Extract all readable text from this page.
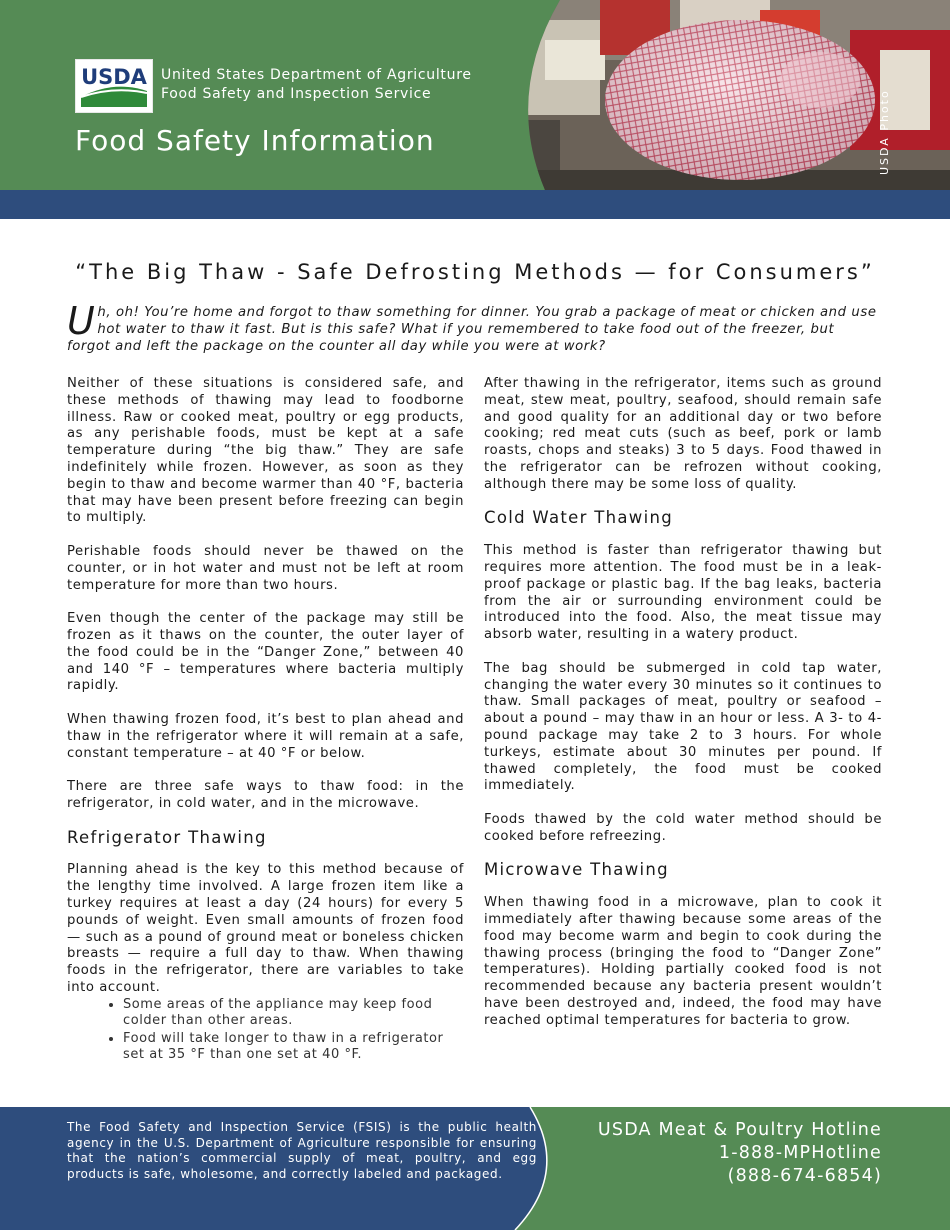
USDA United States Department of Agriculture
Food Safety and Inspection Service
Food Safety Information	USDA Photo
“The Big Thaw - Safe Defrosting Methods — for Consumers”
Uh, oh! You’re home and forgot to thaw something for dinner. You grab a package of meat or chicken and use hot water to thaw it fast. But is this safe? What if you remembered to take food out of the freezer, but forgot and left the package on the counter all day while you were at work?

Neither of these situations is considered safe, and these methods of thawing may lead to foodborne illness. Raw or cooked meat, poultry or egg products, as any perishable foods, must be kept at a safe temperature during “the big thaw.” They are safe indefinitely while frozen. However, as soon as they begin to thaw and become warmer than 40 °F, bacteria that may have been present before freezing can begin to multiply.

Perishable foods should never be thawed on the counter, or in hot water and must not be left at room temperature for more than two hours.

Even though the center of the package may still be frozen as it thaws on the counter, the outer layer of the food could be in the “Danger Zone,” between 40 and 140 °F – temperatures where bacteria multiply rapidly.

When thawing frozen food, it’s best to plan ahead and thaw in the refrigerator where it will remain at a safe, constant temperature – at 40 °F or below.

There are three safe ways to thaw food: in the refrigerator, in cold water, and in the microwave.

Refrigerator Thawing

Planning ahead is the key to this method because of the lengthy time involved. A large frozen item like a turkey requires at least a day (24 hours) for every 5 pounds of weight. Even small amounts of frozen food — such as a pound of ground meat or boneless chicken breasts — require a full day to thaw. When thawing foods in the refrigerator, there are variables to take into account.

• Some areas of the appliance may keep food colder than other areas.
• Food will take longer to thaw in a refrigerator set at 35 °F than one set at 40 °F.

After thawing in the refrigerator, items such as ground meat, stew meat, poultry, seafood, should remain safe and good quality for an additional day or two before cooking; red meat cuts (such as beef, pork or lamb roasts, chops and steaks) 3 to 5 days. Food thawed in the refrigerator can be refrozen without cooking, although there may be some loss of quality.

Cold Water Thawing

This method is faster than refrigerator thawing but requires more attention. The food must be in a leak-proof package or plastic bag. If the bag leaks, bacteria from the air or surrounding environment could be introduced into the food. Also, the meat tissue may absorb water, resulting in a watery product.

The bag should be submerged in cold tap water, changing the water every 30 minutes so it continues to thaw. Small packages of meat, poultry or seafood – about a pound – may thaw in an hour or less. A 3- to 4-pound package may take 2 to 3 hours. For whole turkeys, estimate about 30 minutes per pound. If thawed completely, the food must be cooked immediately.

Foods thawed by the cold water method should be cooked before refreezing.

Microwave Thawing

When thawing food in a microwave, plan to cook it immediately after thawing because some areas of the food may become warm and begin to cook during the thawing process (bringing the food to “Danger Zone” temperatures). Holding partially cooked food is not recommended because any bacteria present wouldn’t have been destroyed and, indeed, the food may have reached optimal temperatures for bacteria to grow.

The Food Safety and Inspection Service (FSIS) is the public health agency in the U.S. Department of Agriculture responsible for ensuring that the nation’s commercial supply of meat, poultry, and egg products is safe, wholesome, and correctly labeled and packaged.
USDA Meat & Poultry Hotline
1-888-MPHotline
(888-674-6854)
